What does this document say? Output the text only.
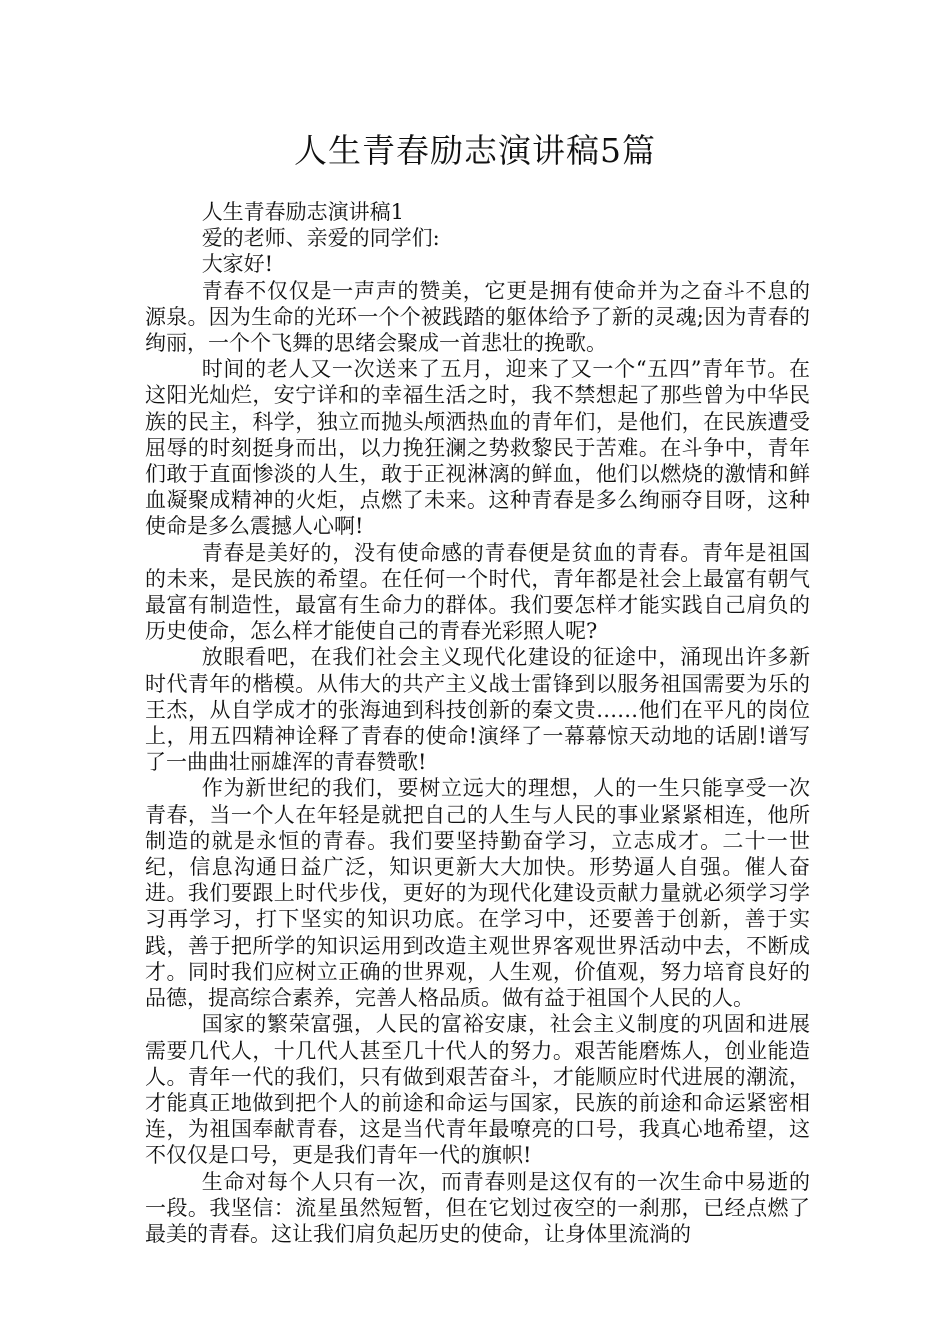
人生青春励志演讲稿5篇

人生青春励志演讲稿1

爱的老师、亲爱的同学们:

大家好!

青春不仅仅是一声声的赞美，它更是拥有使命并为之奋斗不息的源泉。因为生命的光环一个个被践踏的躯体给予了新的灵魂;因为青春的绚丽，一个个飞舞的思绪会聚成一首悲壮的挽歌。

时间的老人又一次送来了五月，迎来了又一个“五四”青年节。在这阳光灿烂，安宁详和的幸福生活之时，我不禁想起了那些曾为中华民族的民主，科学，独立而抛头颅洒热血的青年们，是他们，在民族遭受屈辱的时刻挺身而出，以力挽狂澜之势救黎民于苦难。在斗争中，青年们敢于直面惨淡的人生，敢于正视淋漓的鲜血，他们以燃烧的激情和鲜血凝聚成精神的火炬，点燃了未来。这种青春是多么绚丽夺目呀，这种使命是多么震撼人心啊!

青春是美好的，没有使命感的青春便是贫血的青春。青年是祖国的未来，是民族的希望。在任何一个时代，青年都是社会上最富有朝气最富有制造性，最富有生命力的群体。我们要怎样才能实践自己肩负的历史使命，怎么样才能使自己的青春光彩照人呢?

放眼看吧，在我们社会主义现代化建设的征途中，涌现出许多新时代青年的楷模。从伟大的共产主义战士雷锋到以服务祖国需要为乐的王杰，从自学成才的张海迪到科技创新的秦文贵……他们在平凡的岗位上，用五四精神诠释了青春的使命!演绎了一幕幕惊天动地的话剧!谱写了一曲曲壮丽雄浑的青春赞歌!

作为新世纪的我们，要树立远大的理想，人的一生只能享受一次青春，当一个人在年轻是就把自己的人生与人民的事业紧紧相连，他所制造的就是永恒的青春。我们要坚持勤奋学习，立志成才。二十一世纪，信息沟通日益广泛，知识更新大大加快。形势逼人自强。催人奋进。我们要跟上时代步伐，更好的为现代化建设贡献力量就必须学习学习再学习，打下坚实的知识功底。在学习中，还要善于创新，善于实践，善于把所学的知识运用到改造主观世界客观世界活动中去，不断成才。同时我们应树立正确的世界观，人生观，价值观，努力培育良好的品德，提高综合素养，完善人格品质。做有益于祖国个人民的人。

国家的繁荣富强，人民的富裕安康，社会主义制度的巩固和进展需要几代人，十几代人甚至几十代人的努力。艰苦能磨炼人，创业能造人。青年一代的我们，只有做到艰苦奋斗，才能顺应时代进展的潮流，才能真正地做到把个人的前途和命运与国家，民族的前途和命运紧密相连，为祖国奉献青春，这是当代青年最嘹亮的口号，我真心地希望，这不仅仅是口号，更是我们青年一代的旗帜!

生命对每个人只有一次，而青春则是这仅有的一次生命中易逝的一段。我坚信：流星虽然短暂，但在它划过夜空的一刹那，已经点燃了最美的青春。这让我们肩负起历史的使命，让身体里流淌的
